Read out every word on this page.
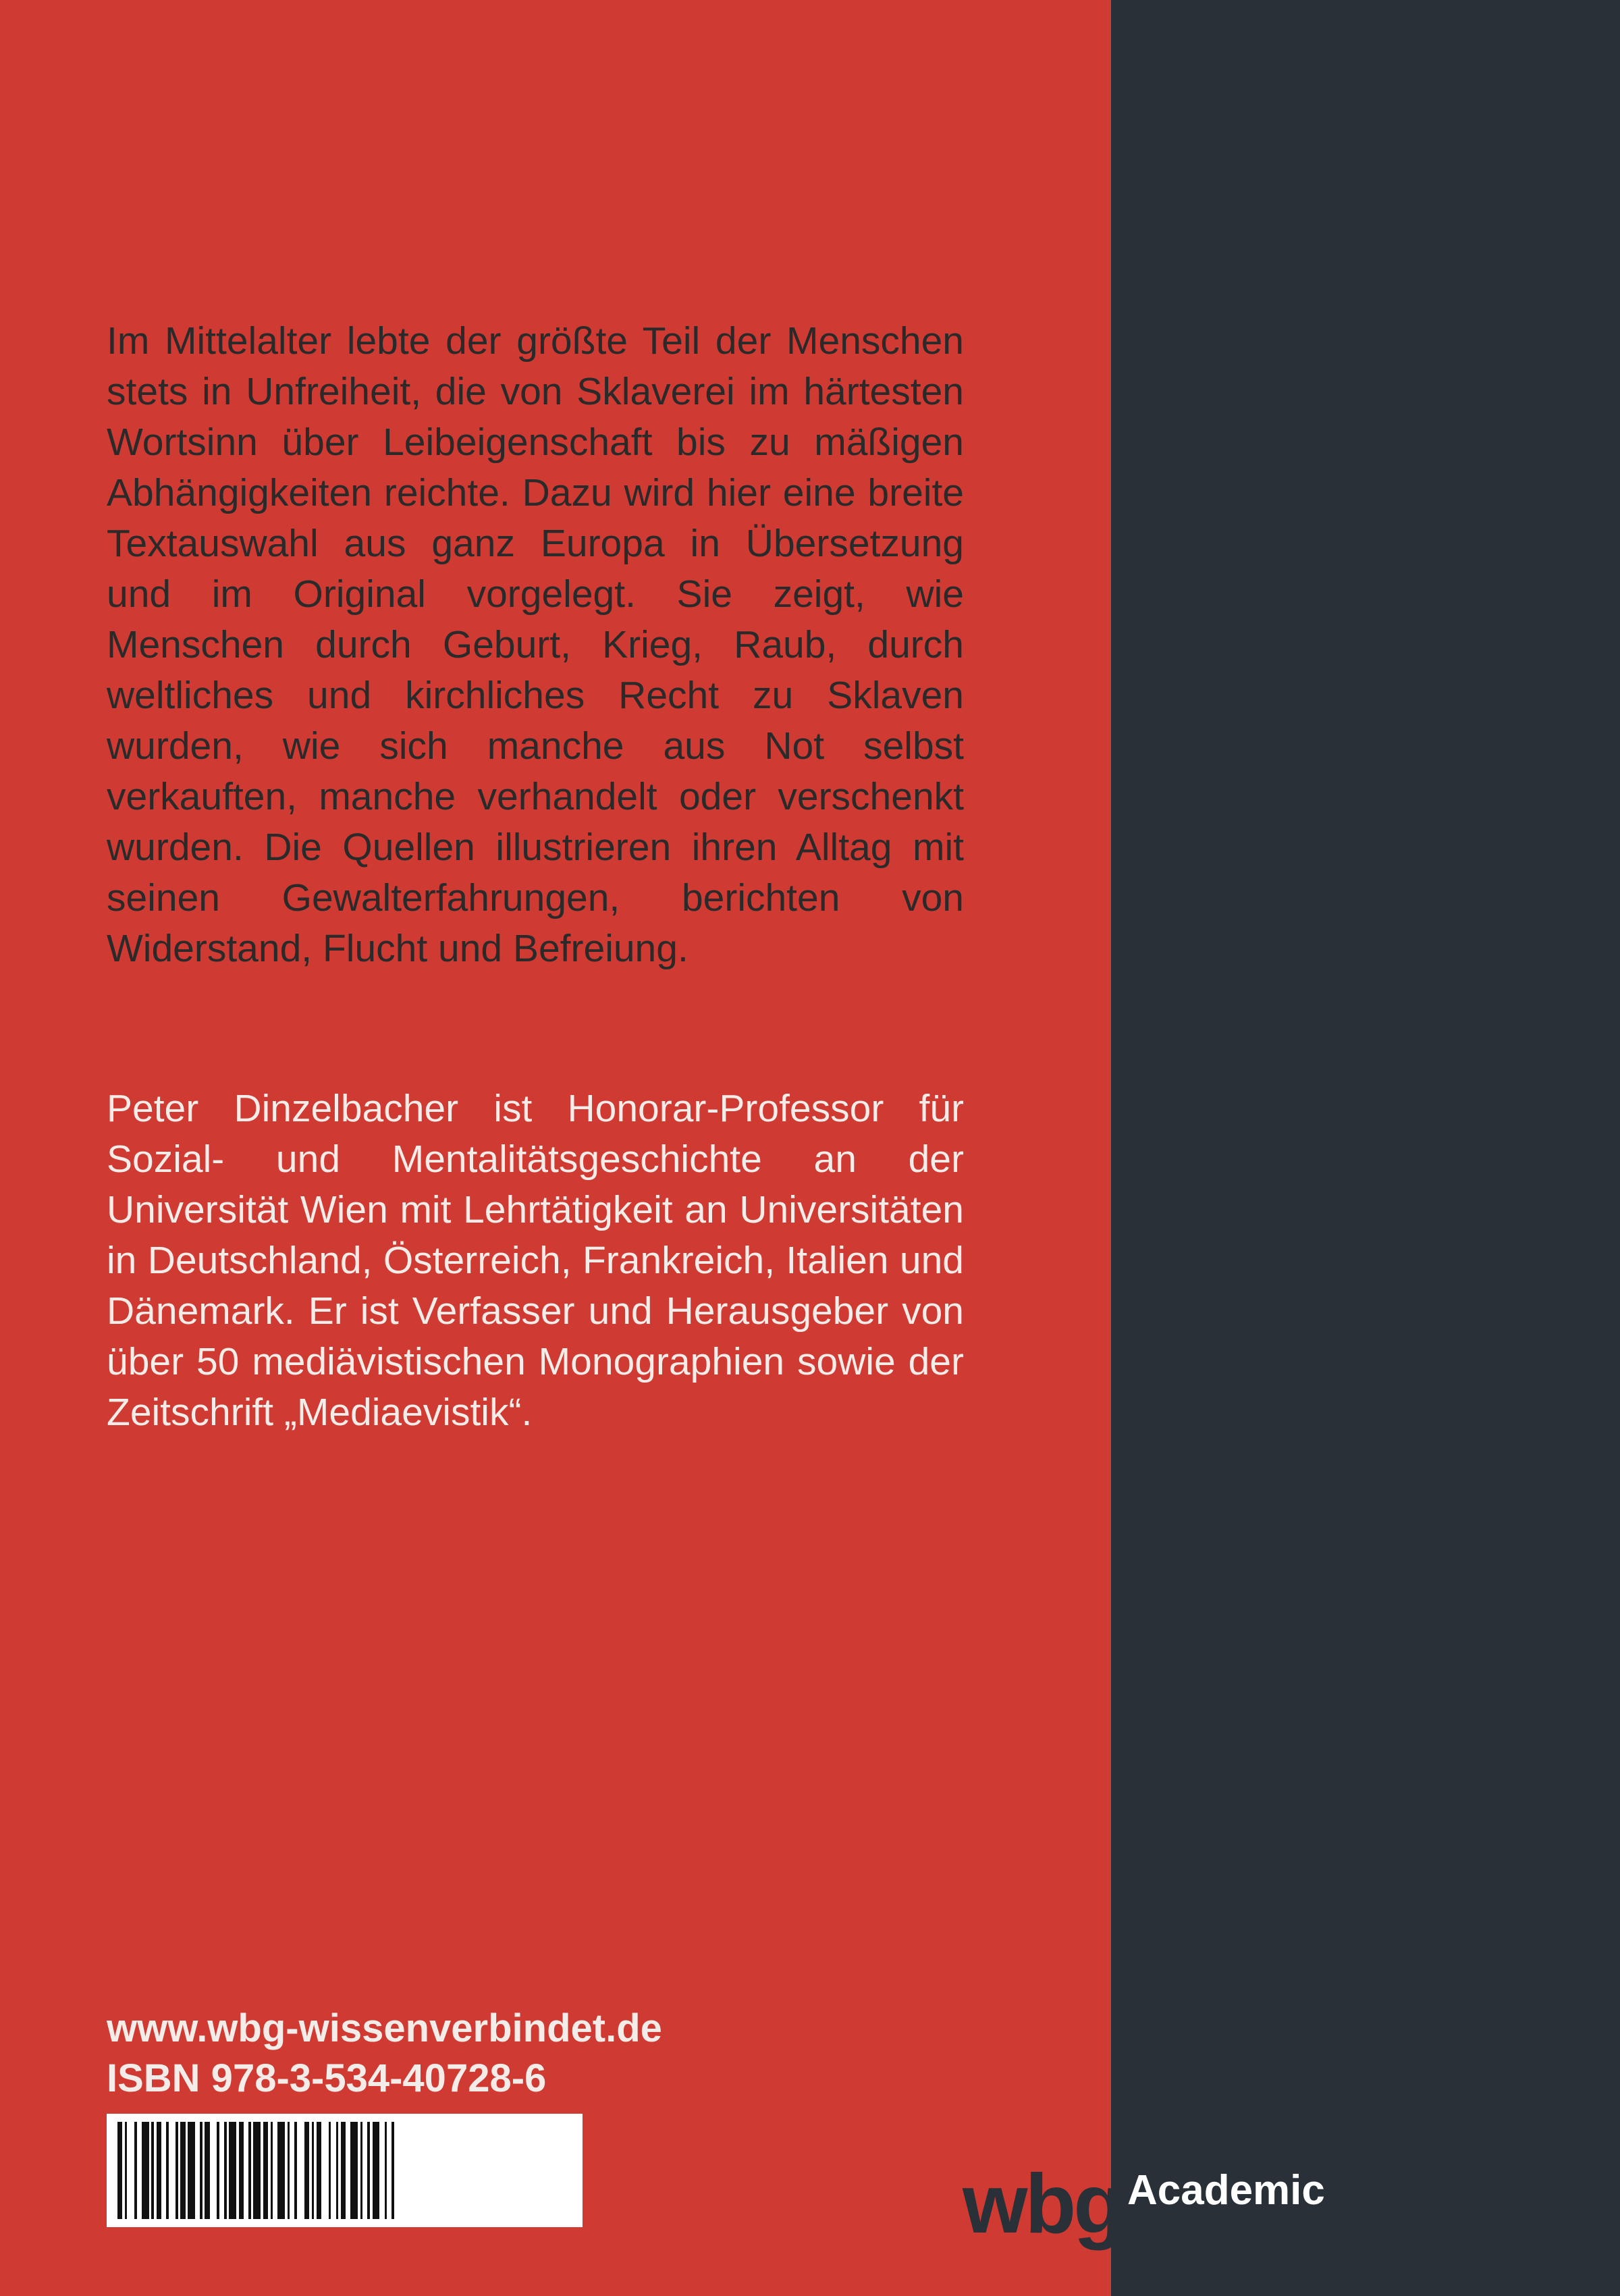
Im Mittelalter lebte der größte Teil der Menschen stets in Unfreiheit, die von Sklaverei im härtesten Wortsinn über Leibeigenschaft bis zu mäßigen Abhängigkeiten reichte. Dazu wird hier eine breite Textauswahl aus ganz Europa in Übersetzung und im Original vorgelegt. Sie zeigt, wie Menschen durch Geburt, Krieg, Raub, durch weltliches und kirchliches Recht zu Sklaven wurden, wie sich manche aus Not selbst verkauften, manche verhandelt oder verschenkt wurden. Die Quellen illustrieren ihren Alltag mit seinen Gewalterfahrungen, berichten von Widerstand, Flucht und Befreiung.

Peter Dinzelbacher ist Honorar-Professor für Sozial- und Mentalitätsgeschichte an der Universität Wien mit Lehrtätigkeit an Universitäten in Deutschland, Österreich, Frankreich, Italien und Dänemark. Er ist Verfasser und Herausgeber von über 50 mediävistischen Monographien sowie der Zeitschrift „Mediaevistik“.

www.wbg-wissenverbindet.de
ISBN 978-3-534-40728-6
wbg Academic
